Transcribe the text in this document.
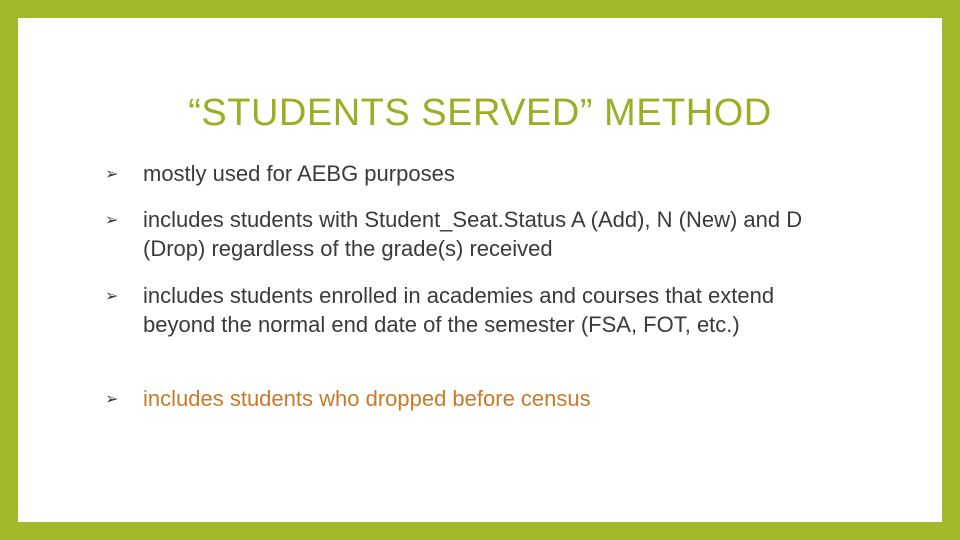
“STUDENTS SERVED” METHOD
➢ mostly used for AEBG purposes
➢ includes students with Student_Seat.Status A (Add), N (New) and D (Drop) regardless of the grade(s) received
➢ includes students enrolled in academies and courses that extend beyond the normal end date of the semester (FSA, FOT, etc.)
➢ includes students who dropped before census
